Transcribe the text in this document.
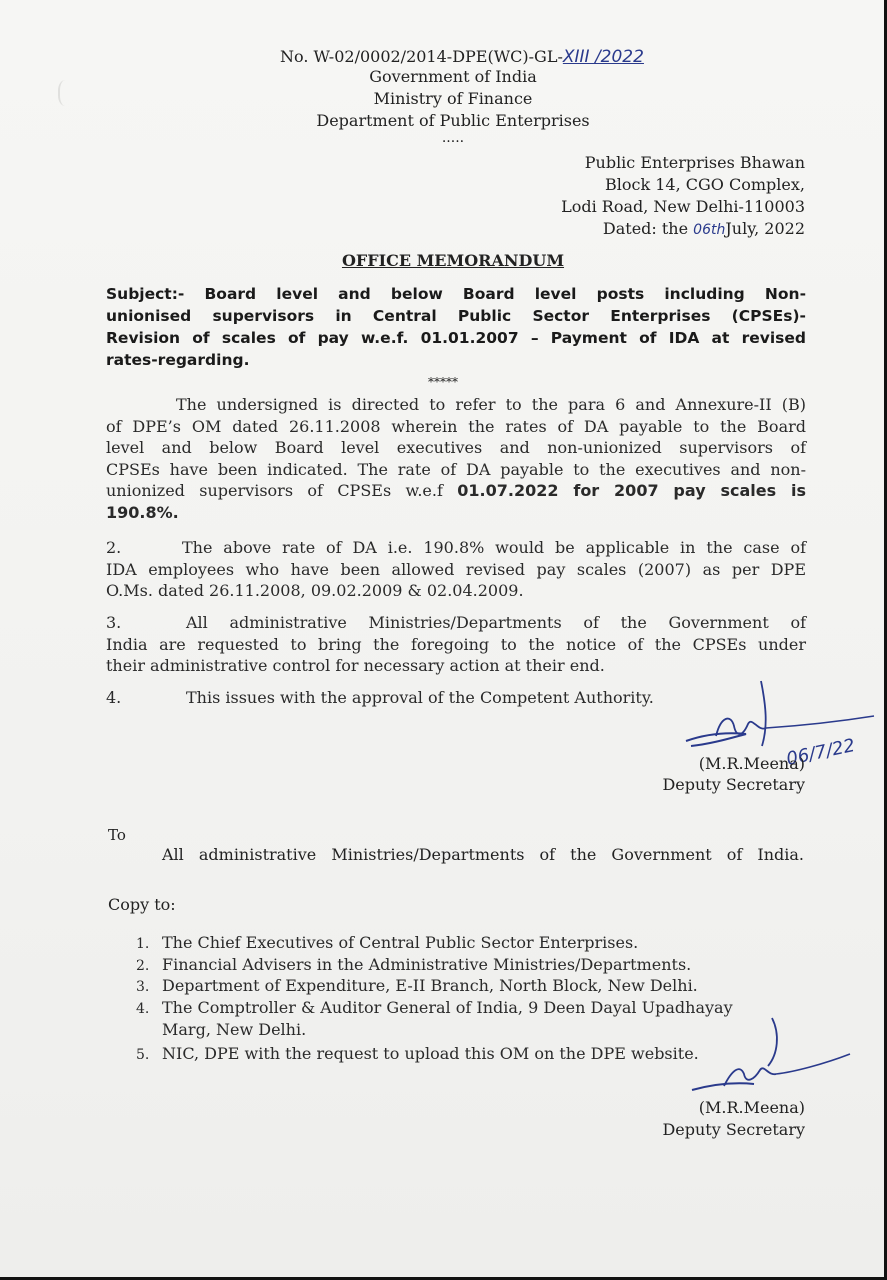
No. W-02/0002/2014-DPE(WC)-GL-XIII /2022
Government of India
Ministry of Finance
Department of Public Enterprises
.....
Public Enterprises Bhawan
Block 14, CGO Complex,
Lodi Road, New Delhi-110003
Dated: the 06thJuly, 2022
OFFICE MEMORANDUM
Subject:- Board level and below Board level posts including Non-
unionised supervisors in Central Public Sector Enterprises (CPSEs)-
Revision of scales of pay w.e.f. 01.01.2007 – Payment of IDA at revised
rates-regarding.
*****
The undersigned is directed to refer to the para 6 and Annexure-II (B)
of DPE’s OM dated 26.11.2008 wherein the rates of DA payable to the Board
level and below Board level executives and non-unionized supervisors of
CPSEs have been indicated. The rate of DA payable to the executives and non-
unionized supervisors of CPSEs w.e.f 01.07.2022 for 2007 pay scales is
190.8%.
2.	The above rate of DA i.e. 190.8% would be applicable in the case of
IDA employees who have been allowed revised pay scales (2007) as per DPE
O.Ms. dated 26.11.2008, 09.02.2009 & 02.04.2009.
3.	All administrative Ministries/Departments of the Government of
India are requested to bring the foregoing to the notice of the CPSEs under
their administrative control for necessary action at their end.
4.	This issues with the approval of the Competent Authority.
06/7/22
(M.R.Meena)
Deputy Secretary
To
All administrative Ministries/Departments of the Government of India.
Copy to:
1. The Chief Executives of Central Public Sector Enterprises.
2. Financial Advisers in the Administrative Ministries/Departments.
3. Department of Expenditure, E-II Branch, North Block, New Delhi.
4. The Comptroller & Auditor General of India, 9 Deen Dayal Upadhayay
Marg, New Delhi.
5. NIC, DPE with the request to upload this OM on the DPE website.
(M.R.Meena)
Deputy Secretary
